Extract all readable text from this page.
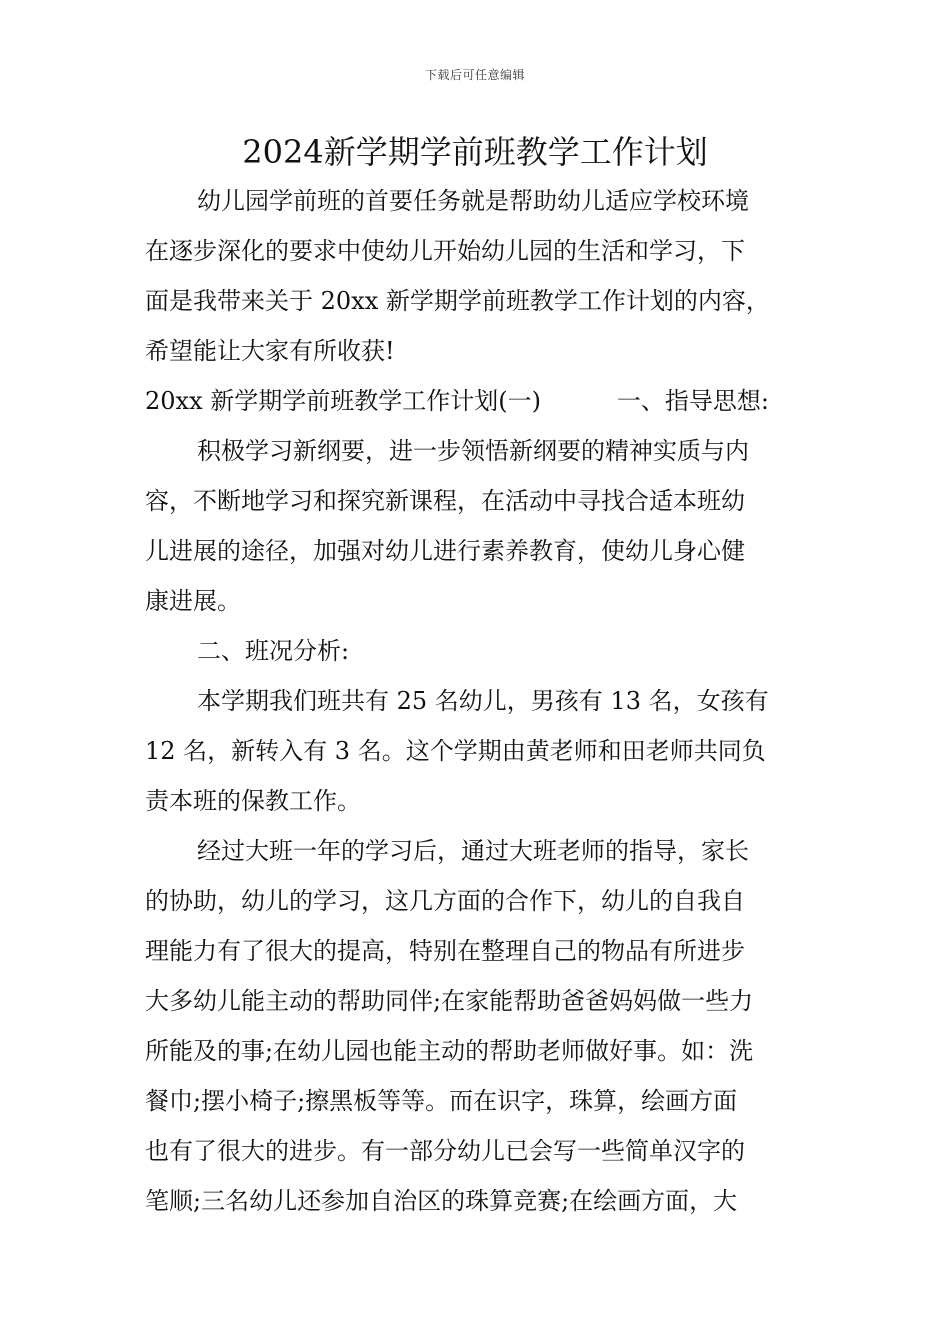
下载后可任意编辑
2024新学期学前班教学工作计划
幼儿园学前班的首要任务就是帮助幼儿适应学校环境
在逐步深化的要求中使幼儿开始幼儿园的生活和学习，下
面是我带来关于 20xx 新学期学前班教学工作计划的内容，
希望能让大家有所收获!
20xx 新学期学前班教学工作计划(一)	一、指导思想:
积极学习新纲要，进一步领悟新纲要的精神实质与内
容，不断地学习和探究新课程，在活动中寻找合适本班幼
儿进展的途径，加强对幼儿进行素养教育，使幼儿身心健
康进展。
二、班况分析:
本学期我们班共有 25 名幼儿，男孩有 13 名，女孩有
12 名，新转入有 3 名。这个学期由黄老师和田老师共同负
责本班的保教工作。
经过大班一年的学习后，通过大班老师的指导，家长
的协助，幼儿的学习，这几方面的合作下，幼儿的自我自
理能力有了很大的提高，特别在整理自己的物品有所进步
大多幼儿能主动的帮助同伴;在家能帮助爸爸妈妈做一些力
所能及的事;在幼儿园也能主动的帮助老师做好事。如：洗
餐巾;摆小椅子;擦黑板等等。而在识字，珠算，绘画方面
也有了很大的进步。有一部分幼儿已会写一些简单汉字的
笔顺;三名幼儿还参加自治区的珠算竞赛;在绘画方面，大
